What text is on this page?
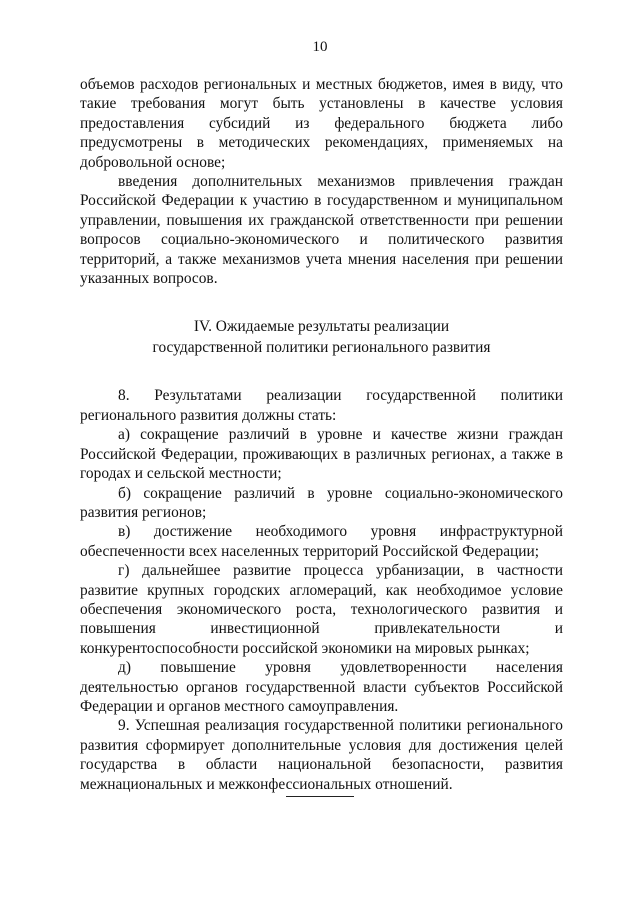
10

объемов расходов региональных и местных бюджетов, имея в виду, что такие требования могут быть установлены в качестве условия предоставления субсидий из федерального бюджета либо предусмотрены в методических рекомендациях, применяемых на добровольной основе;

введения дополнительных механизмов привлечения граждан Российской Федерации к участию в государственном и муниципальном управлении, повышения их гражданской ответственности при решении вопросов социально-экономического и политического развития территорий, а также механизмов учета мнения населения при решении указанных вопросов.

IV. Ожидаемые результаты реализации
государственной политики регионального развития

8. Результатами реализации государственной политики регионального развития должны стать:

а) сокращение различий в уровне и качестве жизни граждан Российской Федерации, проживающих в различных регионах, а также в городах и сельской местности;

б) сокращение различий в уровне социально-экономического развития регионов;

в) достижение необходимого уровня инфраструктурной обеспеченности всех населенных территорий Российской Федерации;

г) дальнейшее развитие процесса урбанизации, в частности развитие крупных городских агломераций, как необходимое условие обеспечения экономического роста, технологического развития и повышения инвестиционной привлекательности и конкурентоспособности российской экономики на мировых рынках;

д) повышение уровня удовлетворенности населения деятельностью органов государственной власти субъектов Российской Федерации и органов местного самоуправления.

9. Успешная реализация государственной политики регионального развития сформирует дополнительные условия для достижения целей государства в области национальной безопасности, развития межнациональных и межконфессиональных отношений.
